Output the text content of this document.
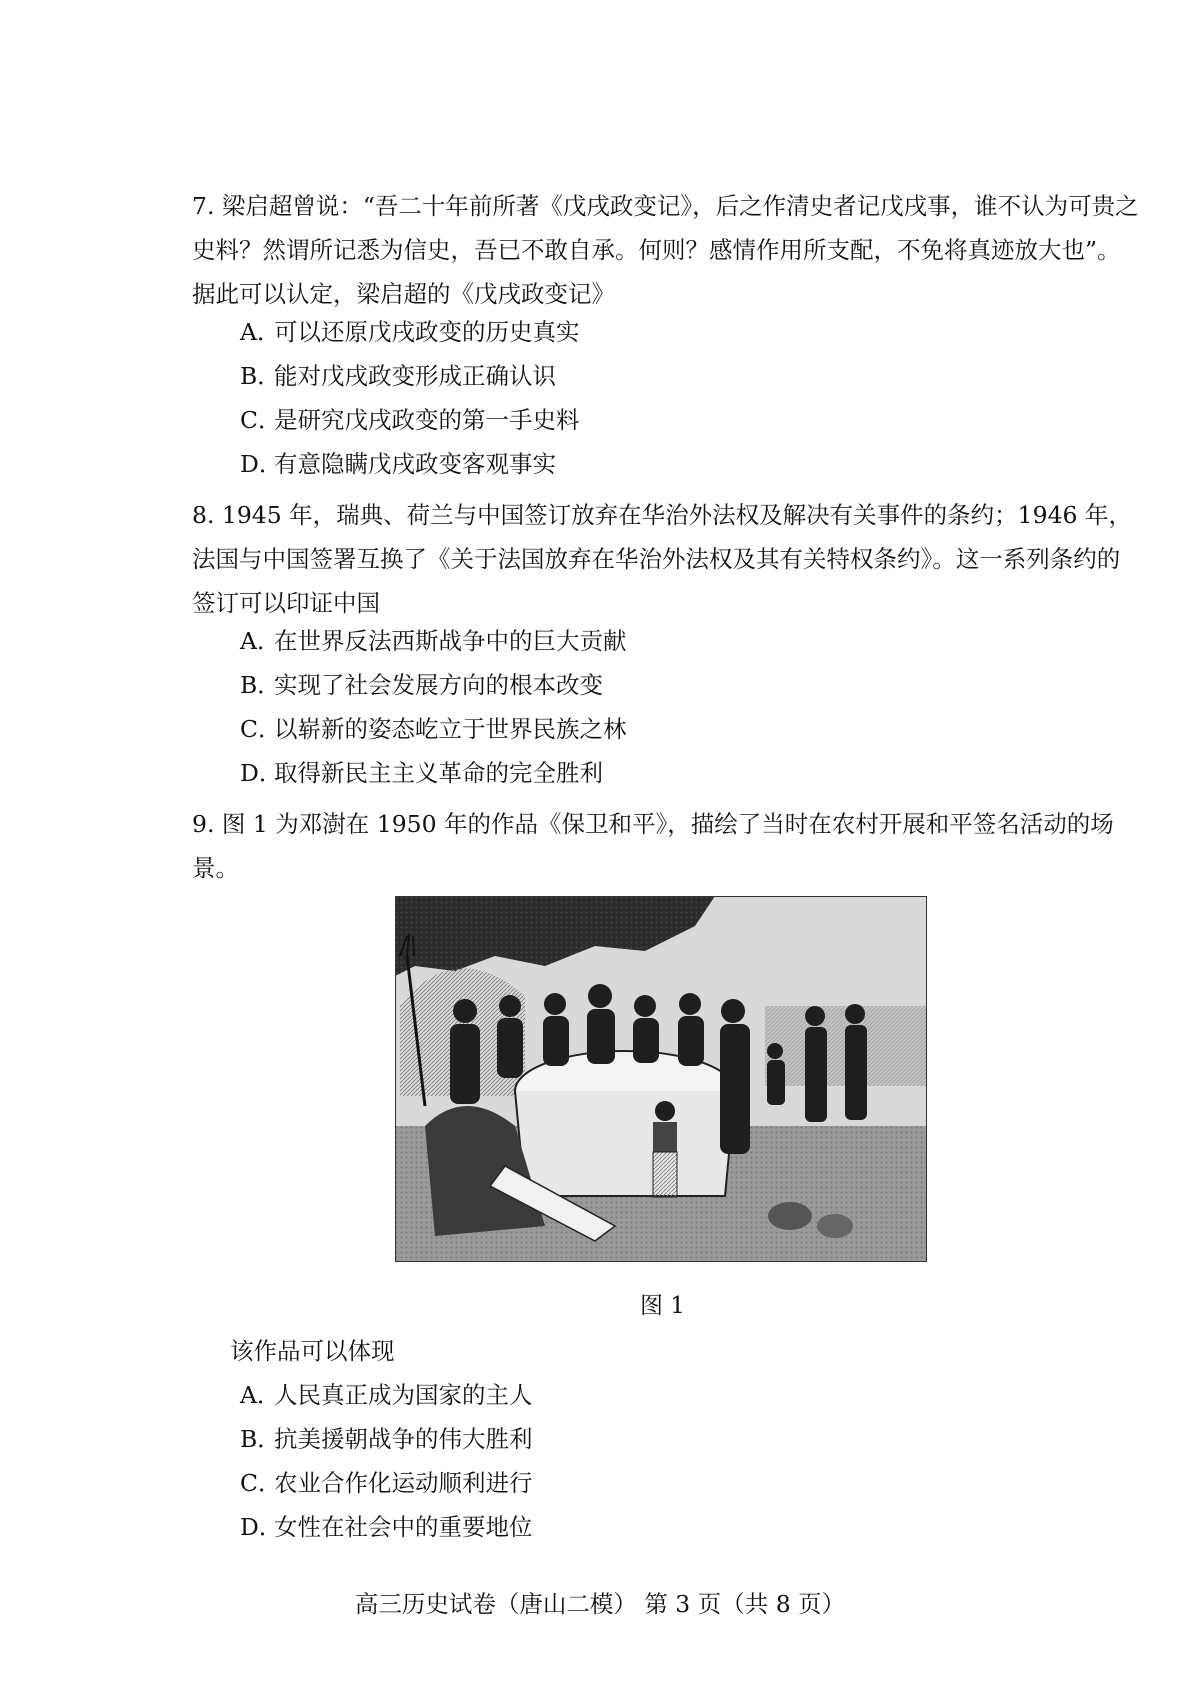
7. 梁启超曾说：“吾二十年前所著《戊戌政变记》，后之作清史者记戊戌事，谁不认为可贵之史料？然谓所记悉为信史，吾已不敢自承。何则？感情作用所支配，不免将真迹放大也”。据此可以认定，梁启超的《戊戌政变记》

A．可以还原戊戌政变的历史真实
B．能对戊戌政变形成正确认识
C．是研究戊戌政变的第一手史料
D．有意隐瞒戊戌政变客观事实

8. 1945 年，瑞典、荷兰与中国签订放弃在华治外法权及解决有关事件的条约；1946 年，法国与中国签署互换了《关于法国放弃在华治外法权及其有关特权条约》。这一系列条约的签订可以印证中国

A．在世界反法西斯战争中的巨大贡献
B．实现了社会发展方向的根本改变
C．以崭新的姿态屹立于世界民族之林
D．取得新民主主义革命的完全胜利

9. 图 1 为邓澍在 1950 年的作品《保卫和平》，描绘了当时在农村开展和平签名活动的场景。

图 1
该作品可以体现
A．人民真正成为国家的主人
B．抗美援朝战争的伟大胜利
C．农业合作化运动顺利进行
D．女性在社会中的重要地位
高三历史试卷（唐山二模） 第 3 页（共 8 页）
